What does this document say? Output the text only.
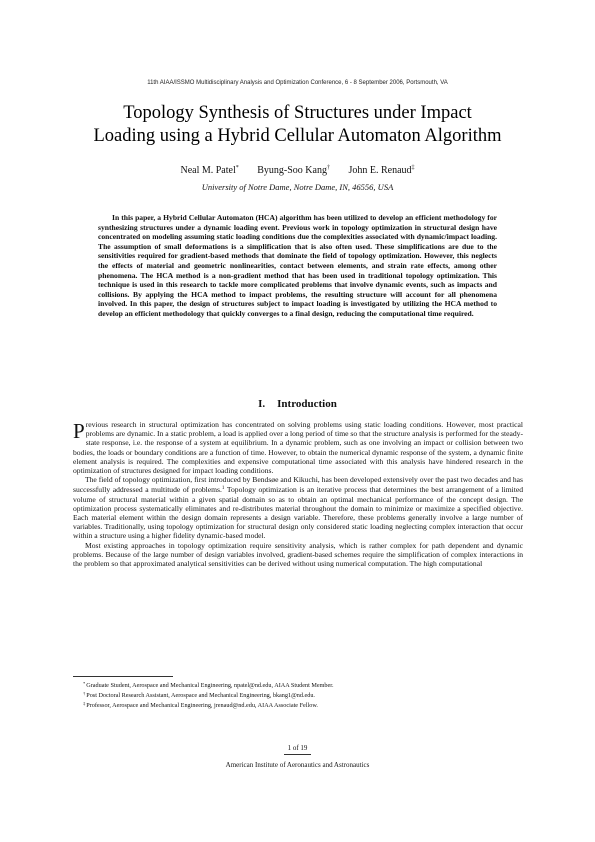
11th AIAA/ISSMO Multidisciplinary Analysis and Optimization Conference, 6 - 8 September 2006, Portsmouth, VA
Topology Synthesis of Structures under Impact
Loading using a Hybrid Cellular Automaton Algorithm
Neal M. Patel* Byung-Soo Kang† John E. Renaud‡
University of Notre Dame, Notre Dame, IN, 46556, USA
In this paper, a Hybrid Cellular Automaton (HCA) algorithm has been utilized to develop an efficient methodology for synthesizing structures under a dynamic loading event. Previous work in topology optimization in structural design have concentrated on modeling assuming static loading conditions due the complexities associated with dynamic/impact loading. The assumption of small deformations is a simplification that is also often used. These simplifications are due to the sensitivities required for gradient-based methods that dominate the field of topology optimization. However, this neglects the effects of material and geometric nonlinearities, contact between elements, and strain rate effects, among other phenomena. The HCA method is a non-gradient method that has been used in traditional topology optimization. This technique is used in this research to tackle more complicated problems that involve dynamic events, such as impacts and collisions. By applying the HCA method to impact problems, the resulting structure will account for all phenomena involved. In this paper, the design of structures subject to impact loading is investigated by utilizing the HCA method to develop an efficient methodology that quickly converges to a final design, reducing the computational time required.
I. Introduction

Previous research in structural optimization has concentrated on solving problems using static loading conditions. However, most practical problems are dynamic. In a static problem, a load is applied over a long period of time so that the structure analysis is performed for the steady-state response, i.e. the response of a system at equilibrium. In a dynamic problem, such as one involving an impact or collision between two bodies, the loads or boundary conditions are a function of time. However, to obtain the numerical dynamic response of the system, a dynamic finite element analysis is required. The complexities and expensive computational time associated with this analysis have hindered research in the optimization of structures designed for impact loading conditions.

The field of topology optimization, first introduced by Bendsøe and Kikuchi, has been developed extensively over the past two decades and has successfully addressed a multitude of problems.$^1$ Topology optimization is an iterative process that determines the best arrangement of a limited volume of structural material within a given spatial domain so as to obtain an optimal mechanical performance of the concept design. The optimization process systematically eliminates and re-distributes material throughout the domain to minimize or maximize a specified objective. Each material element within the design domain represents a design variable. Therefore, these problems generally involve a large number of variables. Traditionally, using topology optimization for structural design only considered static loading neglecting complex interaction that occur within a structure using a higher fidelity dynamic-based model.

Most existing approaches in topology optimization require sensitivity analysis, which is rather complex for path dependent and dynamic problems. Because of the large number of design variables involved, gradient-based schemes require the simplification of complex interactions in the problem so that approximated analytical sensitivities can be derived without using numerical computation. The high computational

*Graduate Student, Aerospace and Mechanical Engineering, npatel@nd.edu, AIAA Student Member.
†Post Doctoral Research Assistant, Aerospace and Mechanical Engineering, bkang1@nd.edu.
‡Professor, Aerospace and Mechanical Engineering, jrenaud@nd.edu, AIAA Associate Fellow.
1 of 19
American Institute of Aeronautics and Astronautics
